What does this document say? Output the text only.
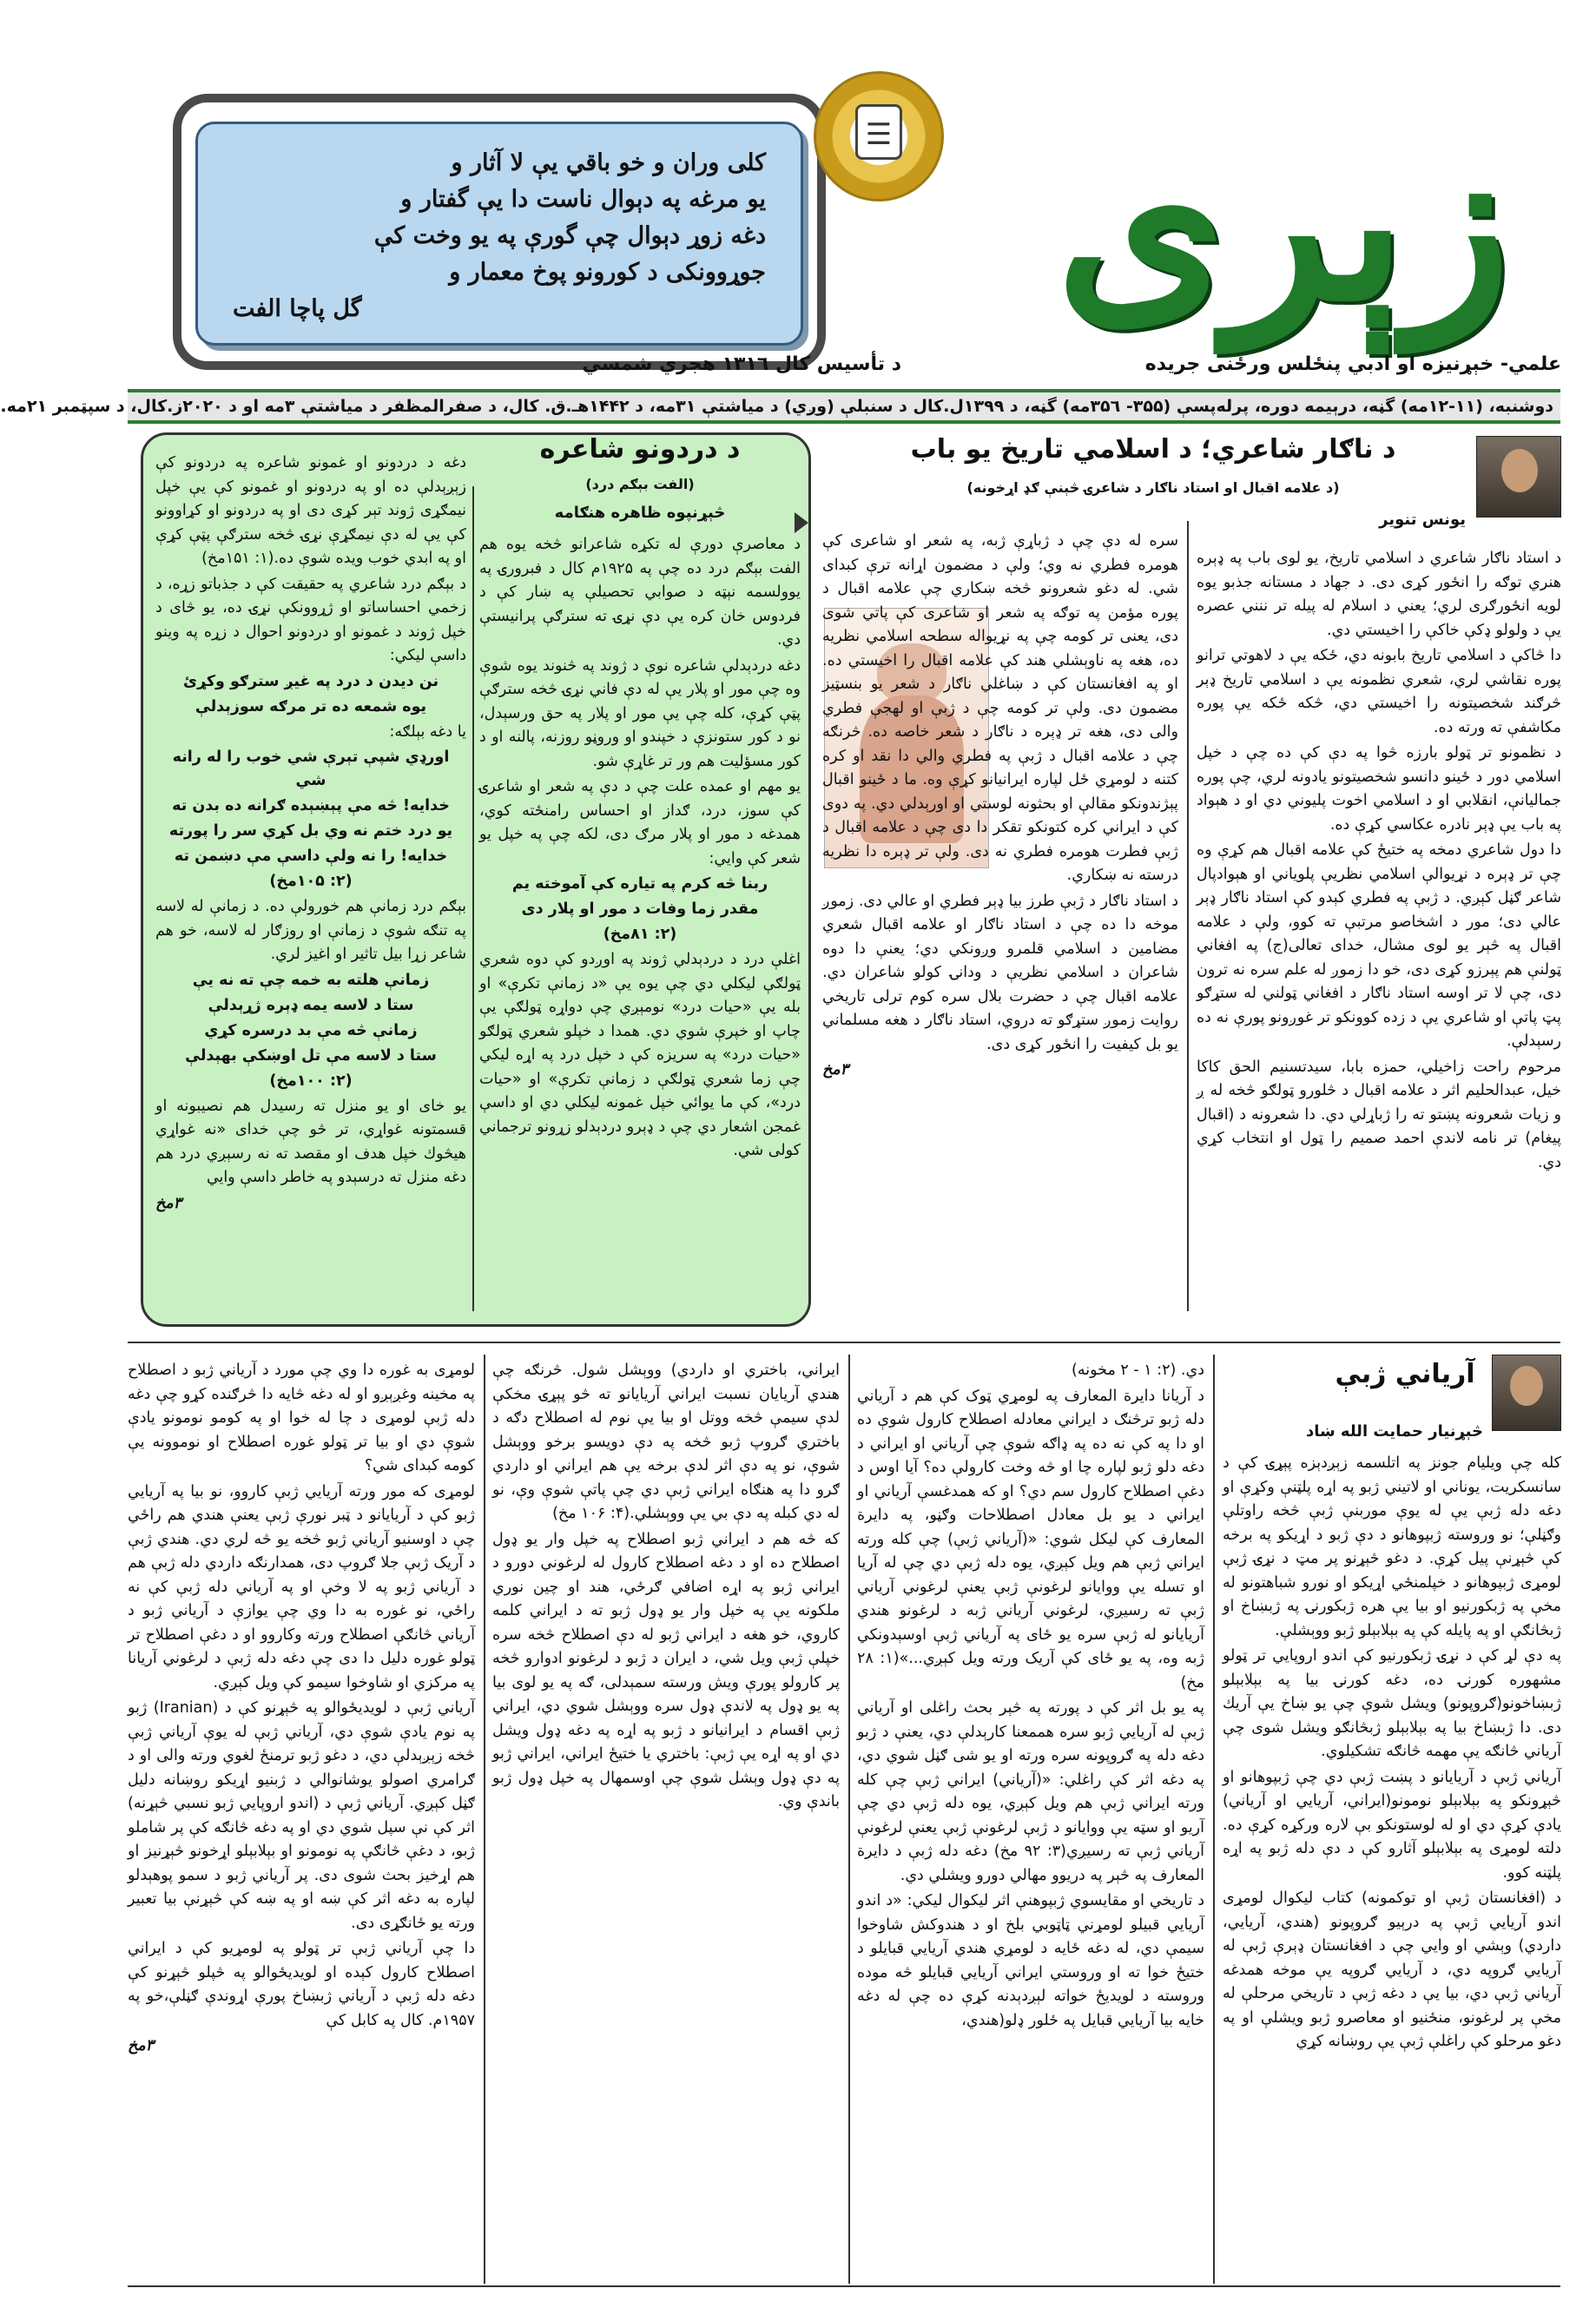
كلى وران و خو باقي يې لا آثار و

يو مرغه په دېوال ناست دا يې گفتار و

دغه زوړ دېوال چې گورې په يو وخت كې

جوړوونكى د كورونو پوخ معمار و

گل پاچا الفت

☰ زېرى
علمي- خېړنيزه او ادبي پنځلس ورځنى جريده
د تأسيس كال ۱۳۱٦ هجري شمسي
دوشنبه، (۱۱-۱۲مه) گڼه، درېيمه دوره، پرلەپسې (۳۵۵- ۳۵٦مه) گڼه، د ۱۳۹۹ل.كال د سنبلې (وږي) د مياشتې ۳۱مه، د ۱۴۴۲هـ.ق. كال، د صفرالمظفر د مياشتې ۳مه او د ۲۰۲۰ز.كال، د سپټمبر ۲۱مه.
د ناګار شاعري؛ د اسلامي تاريخ يو باب
(د علامه اقبال او استاد ناګار د شاعرۍ څېنې ګډ اړخونه)
يونس تنوير

د استاد ناګار شاعري د اسلامي تاريخ، يو لوى باب په ډېره هنري توګه را انځور كړى دى. د جهاد د مستانه جذبو يوه لويه انځورګرى لري؛ يعني د اسلام له پيله تر ننني عصره يې د ولولو ډكې خاكې را اخيستي دي.

دا څاكې د اسلامي تاريخ بابونه دي، ځكه يې د لاهوتي ترانو پوره نقاشي لري، شعري نظمونه يې د اسلامي تاريخ ډېر څرګند شخصيتونه را اخيستي دي، څكه ځكه يې پوره مكاشفې ته ورته ده.

د نظمونو تر ټولو بارزه څوا په دې كې ده چې د خپل اسلامي دور د ځينو دانسو شخصيتونو يادونه لري، چې پوره جماليانې، انقلابي او د اسلامي اخوت پليوني دي او د هېواد په باب يې ډېر نادره عكاسي كړې ده.

دا دول شاعري دمخه په ختيځ كې علامه اقبال هم كړې وه چې تر ډېره د نړيوالې اسلامي نظريې پلوياني او هېوادپال شاعر ګڼل كېږي. د ژبې په فطري كېدو كې استاد ناګار ډېر عالي دی؛ مور د اشخاصو مرتبې ته كوو، ولې د علامه اقبال په څېر يو لوى مشال، خداى تعالى(ج) په افغاني ټولنې هم پېرزو كړى دى، خو دا زموږ له علم سره نه ترون دى، چې لا تر اوسه استاد ناګار د افغاني ټولني له ستړګو پټ پاتې او شاعري يې د زده كوونكو تر غوږونو پورې نه ده رسېدلې.

مرحوم راحت زاخيلي، حمزه بابا، سيدتسنيم الحق كاكا خيل، عبدالحليم اثر د علامه اقبال د څلورو ټولګو څخه له ږ و زيات شعرونه پښتو ته را ژباړلي دي. دا شعرونه د (اقبال پيغام) تر نامه لاندې احمد صميم را ټول او انتخاب كړي دي.

سره له دې چې د ژباړې ژبه، په شعر او شاعرى كې هومره فطري نه وي؛ ولې د مضمون اړانه ترې كبداى شي. له دغو شعرونو څخه ښكاري چې علامه اقبال د پوره مؤمن په توګه په شعر او شاعرى كې پاتي شوى دى، يعنى تر كومه چې په نړيواله سطحه اسلامي نظريه ده، هغه په ناوېشلي هند كې علامه اقبال را اخيستي ده. او په افغانستان كې د ښاغلي ناګار د شعر يو بنسټيز مضمون دى. ولې تر كومه چې د ژبې او لهجې فطري والى دى، هغه تر ډېره د ناګار د شعر خاصه ده. څرنګه چې د علامه اقبال د ژبې په فطري والي دا نقد او كره كتنه د لومړي ځل لپاره ايرانيانو كړې وه. ما د ځينو اقبال پېژندونكو مقالې او بحثونه لوستي او اورېدلي دي. په دوى كې د ايراني كره كتونكو تقكر دا دى چې د علامه اقبال د ژبې فطرت هومره فطري نه دى. ولې تر ډېره دا نظريه درسته نه ښكاري.

د استاد ناګار د ژبې طرز بيا ډېر فطري او عالي دى. زموږ موخه دا ده چې د استاد ناګار او علامه اقبال شعري مضامين د اسلامي قلمرو وږونكي دي؛ يعنې دا دوه شاعران د اسلامي نظريې د ودانۍ كولو شاعران دي. علامه اقبال چې د حضرت بلال سره كوم ترلى تاريخي روايت زموږ ستړګو ته دروي، استاد ناګار د هغه مسلماني يو بل كيفيت را انځور كړى دى.

۳مخ

د دردونو شاعره
(الفت بېګم درد)
څېړنپوه ظاهره هنګامه

د معاصرې دورې له تكړه شاعرانو څخه يوه هم الفت بېګم درد ده چې په ۱۹۲۵م كال د فبرورۍ په يوولسمه نېټه د صوابي تحصيلې په ښار كې د فردوس خان كره يې دې نړۍ ته سترګې پرانيستې دي.

دغه دردېدلې شاعره نوې د ژوند په څنوند يوه شوې وه چې مور او پلار يې له دې فاني نړۍ څخه سترګې پټې كړې، كله چې يې مور او پلار په حق ورسېدل، نو د كور ستونزې د خپندو او وروڼو روزنه، پالنه او د كور مسؤليت هم ور تر غاړې شو.

يو مهم او عمده علت چې د دې په شعر او شاعرۍ كې سوز، درد، ګداز او احساس رامنځته كوي، همدغه د مور او پلار مرګ دى، لكه چې په خپل يو شعر كې وايي:

ربنا څه كرم په تياره كې آموخته يم

مقدر زما وفات د مور او پلار دى

(۲: ۸۱مخ)

اغلې درد د دردېدلي ژوند په اوږدو كې دوه شعري ټولګې ليكلي دي چې يوه يې «د زمانې تكرې» او بله يې «حيات درد» نومېږي چې دواړه ټولګې يې چاپ او خپرې شوي دي. همدا د خپلو شعري ټولګو «حيات درد» په سريزه كې د خپل درد په اړه ليكي چې زما شعري ټولګې د زمانې تكرې» او «حيات درد»، كې ما يوائي خپل غمونه ليكلي دي او داسې غمجن اشعار دي چې د ډېرو دردېدلو زړونو ترجماني كولى شي.

دغه د دردونو او غمونو شاعره په دردونو كې زېږېدلې ده او په دردونو او غمونو كې يې خپل نيمګړى ژوند تېر كړى دى او په دردونو او كړاوونو كې يې له دې نيمګړې نړۍ څخه سترګې پټې كړې او په ابدي خوب ويده شوې ده.(۱: ۱۵۱مخ)

د بېګم درد شاعري په حقيقت كې د جذباتو زړه، د زخمي احساساتو او ژړوونكې نړۍ ده، يو څاى د خپل ژوند د غمونو او دردونو احوال د زړه په وينو داسې ليكي:

نن ديدن د درد په غيږ سترګو وكړئ

يوه شمعه ده تر مرګه سوزېدلې

يا دغه بېلګه:

اورډي شپې تېرې شي خوب را له رانه شي

خدايه! څه مې پېښېده ګرانه ده بدن ته

يو درد ختم نه وي بل كړي سر را پورته

خدايه! را نه ولې داسې مې دښمن ته

(۲: ۱۰۵مخ)

بېګم درد زمانې هم خورولې ده. د زمانې له لاسه په تنګه شوې د زمانې او روزګار له لاسه، خو هم شاعر زړا بيل تاثير او اغيز لري.

زمانې هلته به خمه چې ته نه يې

ستا د لاسه يمه ډېره ژړېدلې

زمانې څه مې بد درسره كړي

ستا د لاسه مې تل اوښكې بهېدلې

(۲: ۱۰۰مخ)

يو خاى او يو منزل ته رسيدل هم نصيبونه او قسمتونه غواړي، تر څو چې خداى «نه غواړي هيڅوك خپل هدف او مقصد ته نه رسېږي درد هم دغه منزل ته درسېدو په خاطر داسې وايي

۳مخ

آرياني ژبې
څېړنيار حمايت الله ښاد

كله چې ويليام جونز په اتلسمه زېږدېزه پېړۍ كې د سانسكريت، يوناني او لاتيني ژبو په اړه پلټنې وكړې او دغه دله ژبې يې له يوې موربنې ژبې څخه راوتلې وګڼلې؛ نو وروسته ژبپوهانو د دې ژبو د اړيكو په برخه كې څېړنې پيل كړې. د دغو څېړنو پر مټ د نړۍ ژبې لومړى ژبپوهانو د خپلمنځي اړيكو او نورو شباهتونو له مخې په ژبكورنيو او بيا يې هره ژبكورنۍ په ژبښاخ او ژبڅانګې او په پايله كې په بېلابېلو ژبو ووېشلې.

په دې لړ كې د نړۍ ژبكورنيو كې اندو اروپايي تر ټولو مشهوره كورنۍ ده، دغه كورنۍ بيا په بېلابېلو ژبښاخونو(ګروپونو) ويشل شوې چې يو ښاخ يې آريك دى. دا ژبښاخ بيا په بېلابېلو ژبڅانګو ويشل شوى چې آرياني څانګه يې مهمه څانګه تشكيلوي.

آرياني ژبې د آريايانو د پښت ژبې دي چې ژبپوهانو او څېړونكو په بېلابېلو نومونو(ايراني، آريايي او آرياني) يادې كړې دي او له لوستونكو بې لاره وركړه كړې ده. دلته لومړى په بېلابېلو آثارو كې د دې دله ژبو په اړه پلټنه كوو.

د (افغانستان ژبې او توكمونه) كتاب ليكوال لومړى اندو آريايي ژبې په درېيو ګروپونو (هندي، آريايي، داردي) وېشي او وايي چې د افغانستان ډېرې ژبې له آريايي ګروپه دي، د آريايي ګروپه يې موخه همدغه آرياني ژبې دي، بيا يې د دغه ژبې د تاريخي مرحلې له مخې پر لرغونو، منځنيو او معاصرو ژبو ويشلې او په دغو مرحلو كې راغلې ژبې يې روښانه كړي

دي. (۲: ۱ - ۲ مخونه)

د آريانا دايرة المعارف په لومړي ټوک كې هم د آرياني دله ژبو ترڅنګ د ايراني معادله اصطلاح كارول شوې ده او دا په كې نه ده په ډاګه شوې چې آرياني او ايراني د دغه دلو ژبو لپاره چا او څه وخت كارولې ده؟ آيا اوس د دغې اصطلاح كارول سم دي؟ او كه همدغسې آرياني او ايراني د يو بل معادل اصطلاحات وګڼو، په دايرة المعارف كې ليكل شوي: «(آرياني ژبې) چې كله ورته ايراني ژبې هم ويل كېږي، يوه دله ژبې دي چې له آريا او تسله يې ووايانو لرغونې ژبې يعنې لرغوني آرياني ژبې ته رسيږي، لرغوني آرياني ژبه د لرغونو هندي آريايانو له ژبې سره يو ځای په آرياني ژبې اوسېدونكي ژبه وه، په يو ځای كې آريک ورته ويل كېږي...»(۱: ۲۸ مخ)

په يو بل اثر كې د پورته په څېر بحث راغلى او آرياني ژبې له آريايي ژبو سره هممعنا كارېدلې دي، يعنې د ژبو دغه دله په ګروپونه سره ورته او يو شى ګڼل شوي دي، په دغه اثر كې راغلي: «(آرياني) ايراني ژبې چې كله ورته ايراني ژبې هم ويل كېږي، يوه دله ژبې دي چې آريو او سټه يې ووايانو د ژبې لرغونې ژبې يعنې لرغونې آرياني ژبې ته رسيږي(۳: ۹۲ مخ) دغه دله ژبې د دايرة المعارف په څېر په دريوو مهالي دورو ويشلي دي.

د تاريخي او مقايسوي ژبپوهنې اثر ليكوال ليكي: «د اندو آريايي قبيلو لومړني ټاټوبي بلخ او د هندوكش شاوخوا سيمې دي، له دغه ځايه د لومړي هندي آريايي قبايلو د ختيځ خوا ته او وروستي ايراني آريايي قبايلو څه موده وروسته د لويديځ خواته لېږدېدنه كړې ده چې له دغه خايه بيا آريايي قبايل په ځلور ډلو(هندي،

ايراني، باختري او داردي) ووېشل شول. څرنګه چې هندي آريايان نسبت ايراني آريايانو ته څو پېړۍ مخكې لدې سيمې څخه ووتل او بيا يې نوم له اصطلاح دګه د باختري ګروپ ژبو څخه په دې دويسو برخو ووېشل شوې، نو په دې اثر لدې برخه يې هم ايراني او داردي ګرو دا په هنګاه ايراني ژبې دي چې پاتې شوې وې، نو له دي كبله په دې بي يې ووېشلي.(۴: ۱۰۶ مخ)

كه څه هم د ايراني ژبو اصطلاح په خپل وار يو ډول اصطلاح ده او د دغه اصطلاح كارول له لرغوني دورو د ايراني ژبو په اړه اضافي ګرځي، هند او چين نوري ملكونه يې په خپل وار يو ډول ژبو ته د ايراني كلمه كاروي، خو هغه د ايراني ژبو له دې اصطلاح څخه سره خپلې ژبې ويل شي، د ايران د ژبو د لرغونو ادوارو څخه پر كارولو پورې ويش ورسته سمېدلى، ګه په يو لوى بيا په يو ډول په لاندې ډول سره ووېشل شوي دي، ايراني ژبې اقسام د ايرانيانو د ژبو په اړه په دغه ډول ويشل دي او په اړه يې ژبې: باختري يا ختيځ ايراني، ايراني ژبو په دې ډول وېشل شوې چې اوسمهال په خپل ډول ژبو باندې وي.

لومړى به غوره دا وي چې مورد د آرياني ژبو د اصطلاح په مخينه وغږېږو او له دغه څايه دا څرګنده كړو چې دغه دله ژبې لومړى د چا له خوا او په كومو نومونو يادې شوې دي او بيا تر ټولو غوره اصطلاح او نوموونه يې كومه كبداى شي؟

لومړى كه مور ورته آريايي ژبې كاروو، نو بيا په آريايي ژبو كې د آريايانو د ټبر نورې ژبې يعنې هندي هم راځي چې د اوسنيو آرياني ژبو څخه يو څه لري دي. هندي ژبې د آريک ژبې جلا ګروپ دى، همدارنګه داردي دله ژبې هم د آرياني ژبو په لا وخې او په آرياني دله ژبې كې نه راځي، نو غوره به دا وي چې يوازې د آرياني ژبو د آرياني څانګې اصطلاح ورته وكاروو او د دغې اصطلاح تر ټولو غوره دليل دا دى چې دغه دله ژبې د لرغوني آريانا په مركزي او شاوخوا سيمو كې ويل كېږي.

آرياني ژبې د لويديځوالو په څېړنو كې د (Iranian) ژبو په نوم يادې شوې دي، آرياني ژبې له يوې آرياني ژبې څخه زېږېدلې دي، د دغو ژبو ترمنځ لغوي ورته والى او د ګرامري اصولو يوشانوالي د ژبنيو اړيكو روښانه دليل ګڼل كېږي. آرياني ژبې د (اندو اروپايي ژبو نسبي څېړنه) اثر كې نې سپل شوي دي او په دغه څانګه كې پر شاملو ژبو، د دغې څانګې په نومونو او بېلابېلو اړخونو څېړنيز او هم اړخيز بحث شوى دى. پر آرياني ژبو د سمو پوهېدلو لپاره به دغه اثر كې ښه او په ښه کې څېړنې بيا تعبير ورته يو ځانګړى دى.

دا چې آرياني ژبې تر ټولو په لومړيو كې د ايراني اصطلاح كارول كېده او لويديځوالو په څپلو څېړنو كې دغه دله ژبې د آرياني ژبښاخ پورې اړوندې ګڼلې،خو په ۱۹۵۷م. كال په كابل كې

۳مخ
